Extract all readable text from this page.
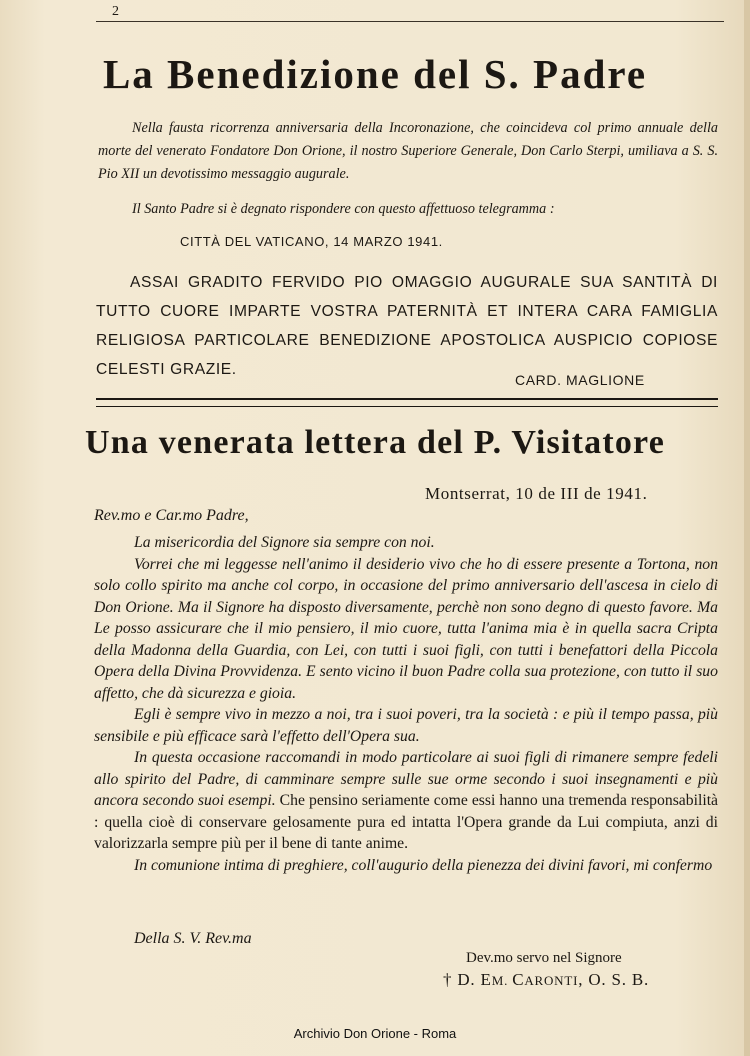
2
La Benedizione del S. Padre

Nella fausta ricorrenza anniversaria della Incoronazione, che coincideva col primo annuale della morte del venerato Fondatore Don Orione, il nostro Superiore Generale, Don Carlo Sterpi, umiliava a S. S. Pio XII un devotissimo messaggio augurale.

Il Santo Padre si è degnato rispondere con questo affettuoso telegramma :

CITTÀ DEL VATICANO, 14 MARZO 1941.
ASSAI GRADITO FERVIDO PIO OMAGGIO AUGURALE SUA SANTITÀ DI TUTTO CUORE IMPARTE VOSTRA PATERNITÀ ET INTERA CARA FAMIGLIA RELIGIOSA PARTICOLARE BENEDIZIONE APOSTOLICA AUSPICIO COPIOSE CELESTI GRAZIE.
CARD. MAGLIONE
Una venerata lettera del P. Visitatore
Montserrat, 10 de III de 1941.
Rev.mo e Car.mo Padre,

La misericordia del Signore sia sempre con noi.

Vorrei che mi leggesse nell'animo il desiderio vivo che ho di essere presente a Tortona, non solo collo spirito ma anche col corpo, in occasione del primo anniversario dell'ascesa in cielo di Don Orione. Ma il Signore ha disposto diversamente, perchè non sono degno di questo favore. Ma Le posso assicurare che il mio pensiero, il mio cuore, tutta l'anima mia è in quella sacra Cripta della Madonna della Guardia, con Lei, con tutti i suoi figli, con tutti i benefattori della Piccola Opera della Divina Provvidenza. E sento vicino il buon Padre colla sua protezione, con tutto il suo affetto, che dà sicurezza e gioia.

Egli è sempre vivo in mezzo a noi, tra i suoi poveri, tra la società : e più il tempo passa, più sensibile e più efficace sarà l'effetto dell'Opera sua.

In questa occasione raccomandi in modo particolare ai suoi figli di rimanere sempre fedeli allo spirito del Padre, di camminare sempre sulle sue orme secondo i suoi insegnamenti e più ancora secondo suoi esempi. Che pensino seriamente come essi hanno una tremenda responsabilità : quella cioè di conservare gelosamente pura ed intatta l'Opera grande da Lui compiuta, anzi di valorizzarla sempre più per il bene di tante anime.

In comunione intima di preghiere, coll'augurio della pienezza dei divini favori, mi confermo

Della S. V. Rev.ma
Dev.mo servo nel Signore
† D. EM. CARONTI, O. S. B.
Archivio Don Orione - Roma
